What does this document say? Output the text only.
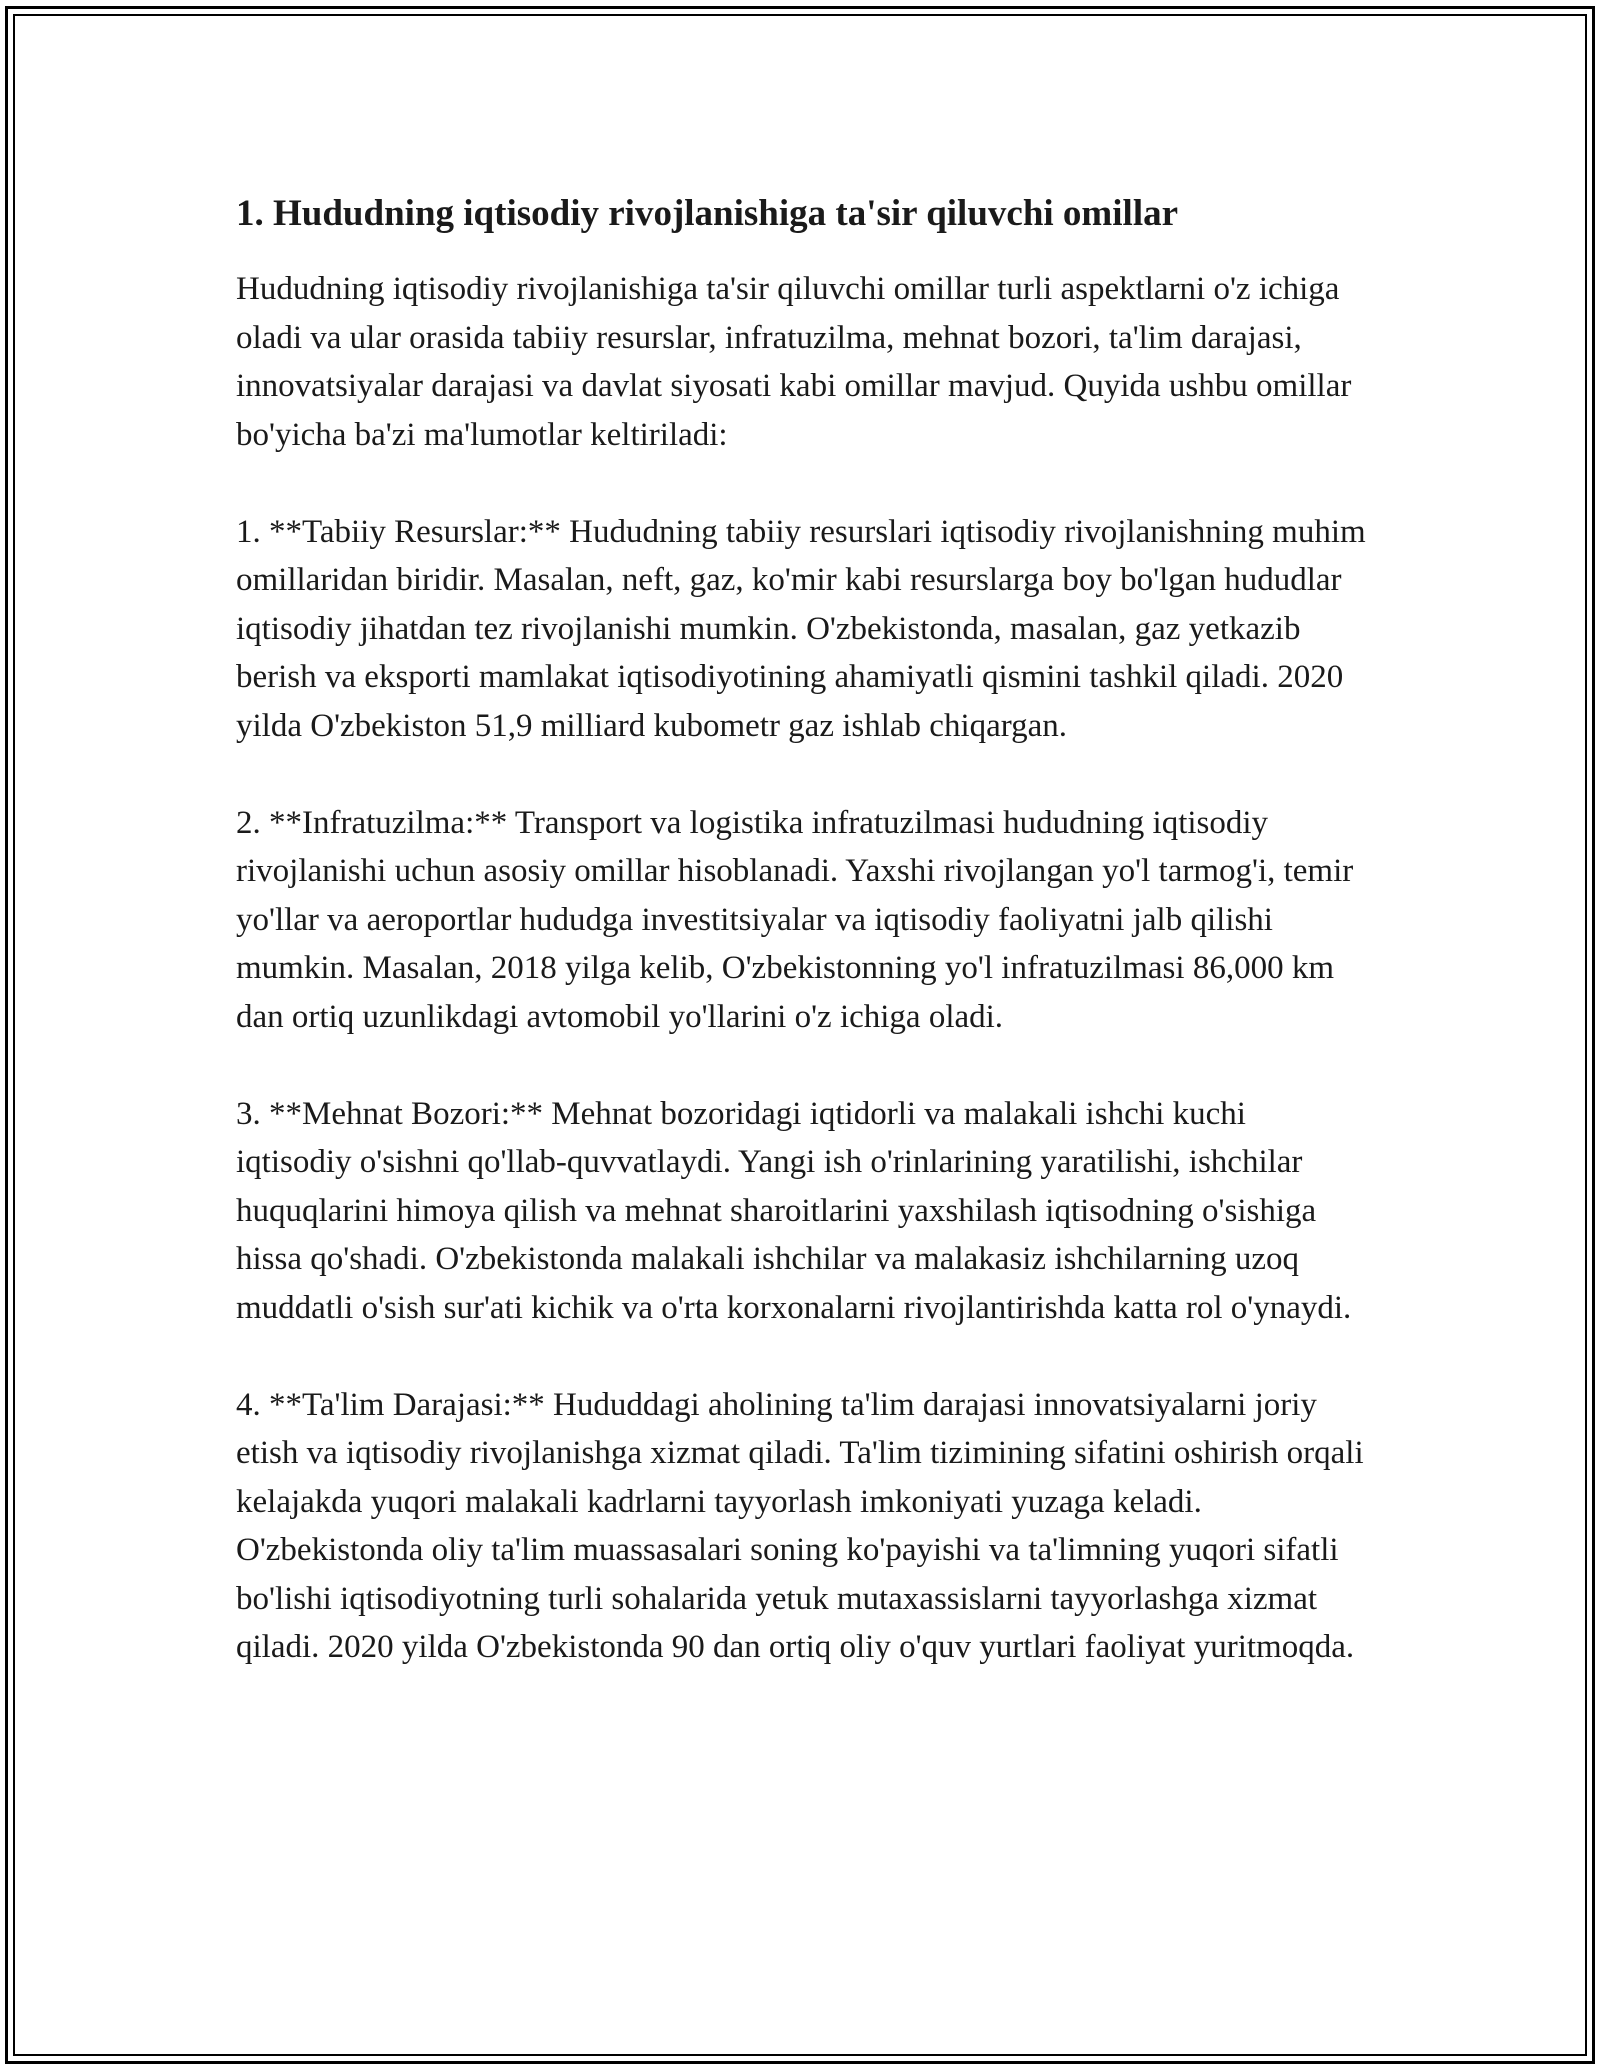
1. Hududning iqtisodiy rivojlanishiga ta'sir qiluvchi omillar

Hududning iqtisodiy rivojlanishiga ta'sir qiluvchi omillar turli aspektlarni o'z ichiga oladi va ular orasida tabiiy resurslar, infratuzilma, mehnat bozori, ta'lim darajasi, innovatsiyalar darajasi va davlat siyosati kabi omillar mavjud. Quyida ushbu omillar bo'yicha ba'zi ma'lumotlar keltiriladi:

1. **Tabiiy Resurslar:** Hududning tabiiy resurslari iqtisodiy rivojlanishning muhim omillaridan biridir. Masalan, neft, gaz, ko'mir kabi resurslarga boy bo'lgan hududlar iqtisodiy jihatdan tez rivojlanishi mumkin. O'zbekistonda, masalan, gaz yetkazib berish va eksporti mamlakat iqtisodiyotining ahamiyatli qismini tashkil qiladi. 2020 yilda O'zbekiston 51,9 milliard kubometr gaz ishlab chiqargan.

2. **Infratuzilma:** Transport va logistika infratuzilmasi hududning iqtisodiy rivojlanishi uchun asosiy omillar hisoblanadi. Yaxshi rivojlangan yo'l tarmog'i, temir yo'llar va aeroportlar hududga investitsiyalar va iqtisodiy faoliyatni jalb qilishi mumkin. Masalan, 2018 yilga kelib, O'zbekistonning yo'l infratuzilmasi 86,000 km dan ortiq uzunlikdagi avtomobil yo'llarini o'z ichiga oladi.

3. **Mehnat Bozori:** Mehnat bozoridagi iqtidorli va malakali ishchi kuchi iqtisodiy o'sishni qo'llab-quvvatlaydi. Yangi ish o'rinlarining yaratilishi, ishchilar huquqlarini himoya qilish va mehnat sharoitlarini yaxshilash iqtisodning o'sishiga hissa qo'shadi. O'zbekistonda malakali ishchilar va malakasiz ishchilarning uzoq muddatli o'sish sur'ati kichik va o'rta korxonalarni rivojlantirishda katta rol o'ynaydi.

4. **Ta'lim Darajasi:** Hududdagi aholining ta'lim darajasi innovatsiyalarni joriy etish va iqtisodiy rivojlanishga xizmat qiladi. Ta'lim tizimining sifatini oshirish orqali kelajakda yuqori malakali kadrlarni tayyorlash imkoniyati yuzaga keladi. O'zbekistonda oliy ta'lim muassasalari soning ko'payishi va ta'limning yuqori sifatli bo'lishi iqtisodiyotning turli sohalarida yetuk mutaxassislarni tayyorlashga xizmat qiladi. 2020 yilda O'zbekistonda 90 dan ortiq oliy o'quv yurtlari faoliyat yuritmoqda.
